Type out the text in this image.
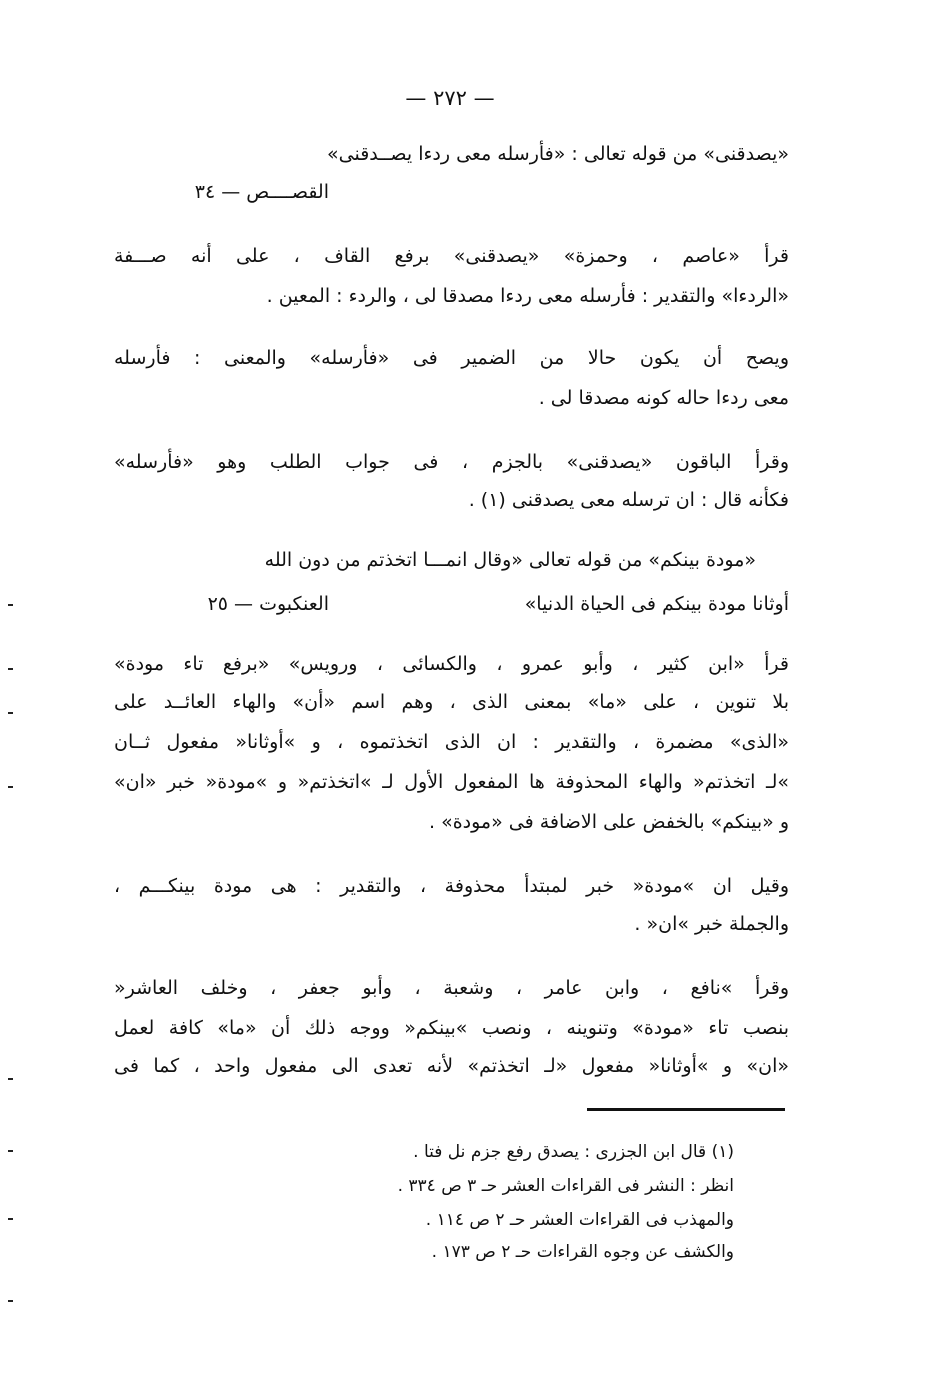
— ٢٧٢ —
«يصدقنى» من قوله تعالى : «فأرسله معى ردءا يصــدقنى»
القصــــص — ٣٤
قرأ «عاصم ، وحمزة» «يصدقنى» برفع القاف ، على أنه صـــفة
«الردءا» والتقدير : فأرسله معى ردءا مصدقا لى ، والردء : المعين .
ويصح أن يكون حالا من الضمير فى «فأرسله» والمعنى : فأرسله
معى ردءا حاله كونه مصدقا لى .
وقرأ الباقون «يصدقنى» بالجزم ، فى جواب الطلب وهو «فأرسله»
فكأنه قال : ان ترسله معى يصدقنى (١) .
«مودة بينكم» من قوله تعالى «وقال انمـــا اتخذتم من دون الله
أوثانا مودة بينكم فى الحياة الدنيا»
العنكبوت — ٢٥
قرأ «ابن كثير ، وأبو عمرو ، والكسائى ، ورويس» «برفع تاء مودة»
بلا تنوين ، على «ما» بمعنى الذى ، وهم اسم «أن» والهاء العائــد على
«الذى» مضمرة ، والتقدير : ان الذى اتخذتموه ، و »أوثانا« مفعول ثــان
»لـ اتخذتم« والهاء المحذوفة ها المفعول الأول لـ »اتخذتم« و »مودة« خبر «ان»
و «بينكم» بالخفض على الاضافة فى «مودة» .
وقيل ان »مودة« خبر لمبتدأ محذوفة ، والتقدير : هى مودة بينكـــم ،
والجملة خبر »ان« .
وقرأ »نافع ، وابن عامر ، وشعبة ، وأبو جعفر ، وخلف العاشر«
بنصب تاء «مودة» وتنوينه ، ونصب »بينكم« ووجه ذلك أن «ما» كافة لعمل
«ان» و »أوثانا« مفعول «لـ اتخذتم» لأنه تعدى الى مفعول واحد ، كما فى
(١) قال ابن الجزرى : يصدق رفع جزم نل فتا .
انظر : النشر فى القراءات العشر حـ ٣ ص ٣٣٤ .
والمهذب فى القراءات العشر حـ ٢ ص ١١٤ .
والكشف عن وجوه القراءات حـ ٢ ص ١٧٣ .
